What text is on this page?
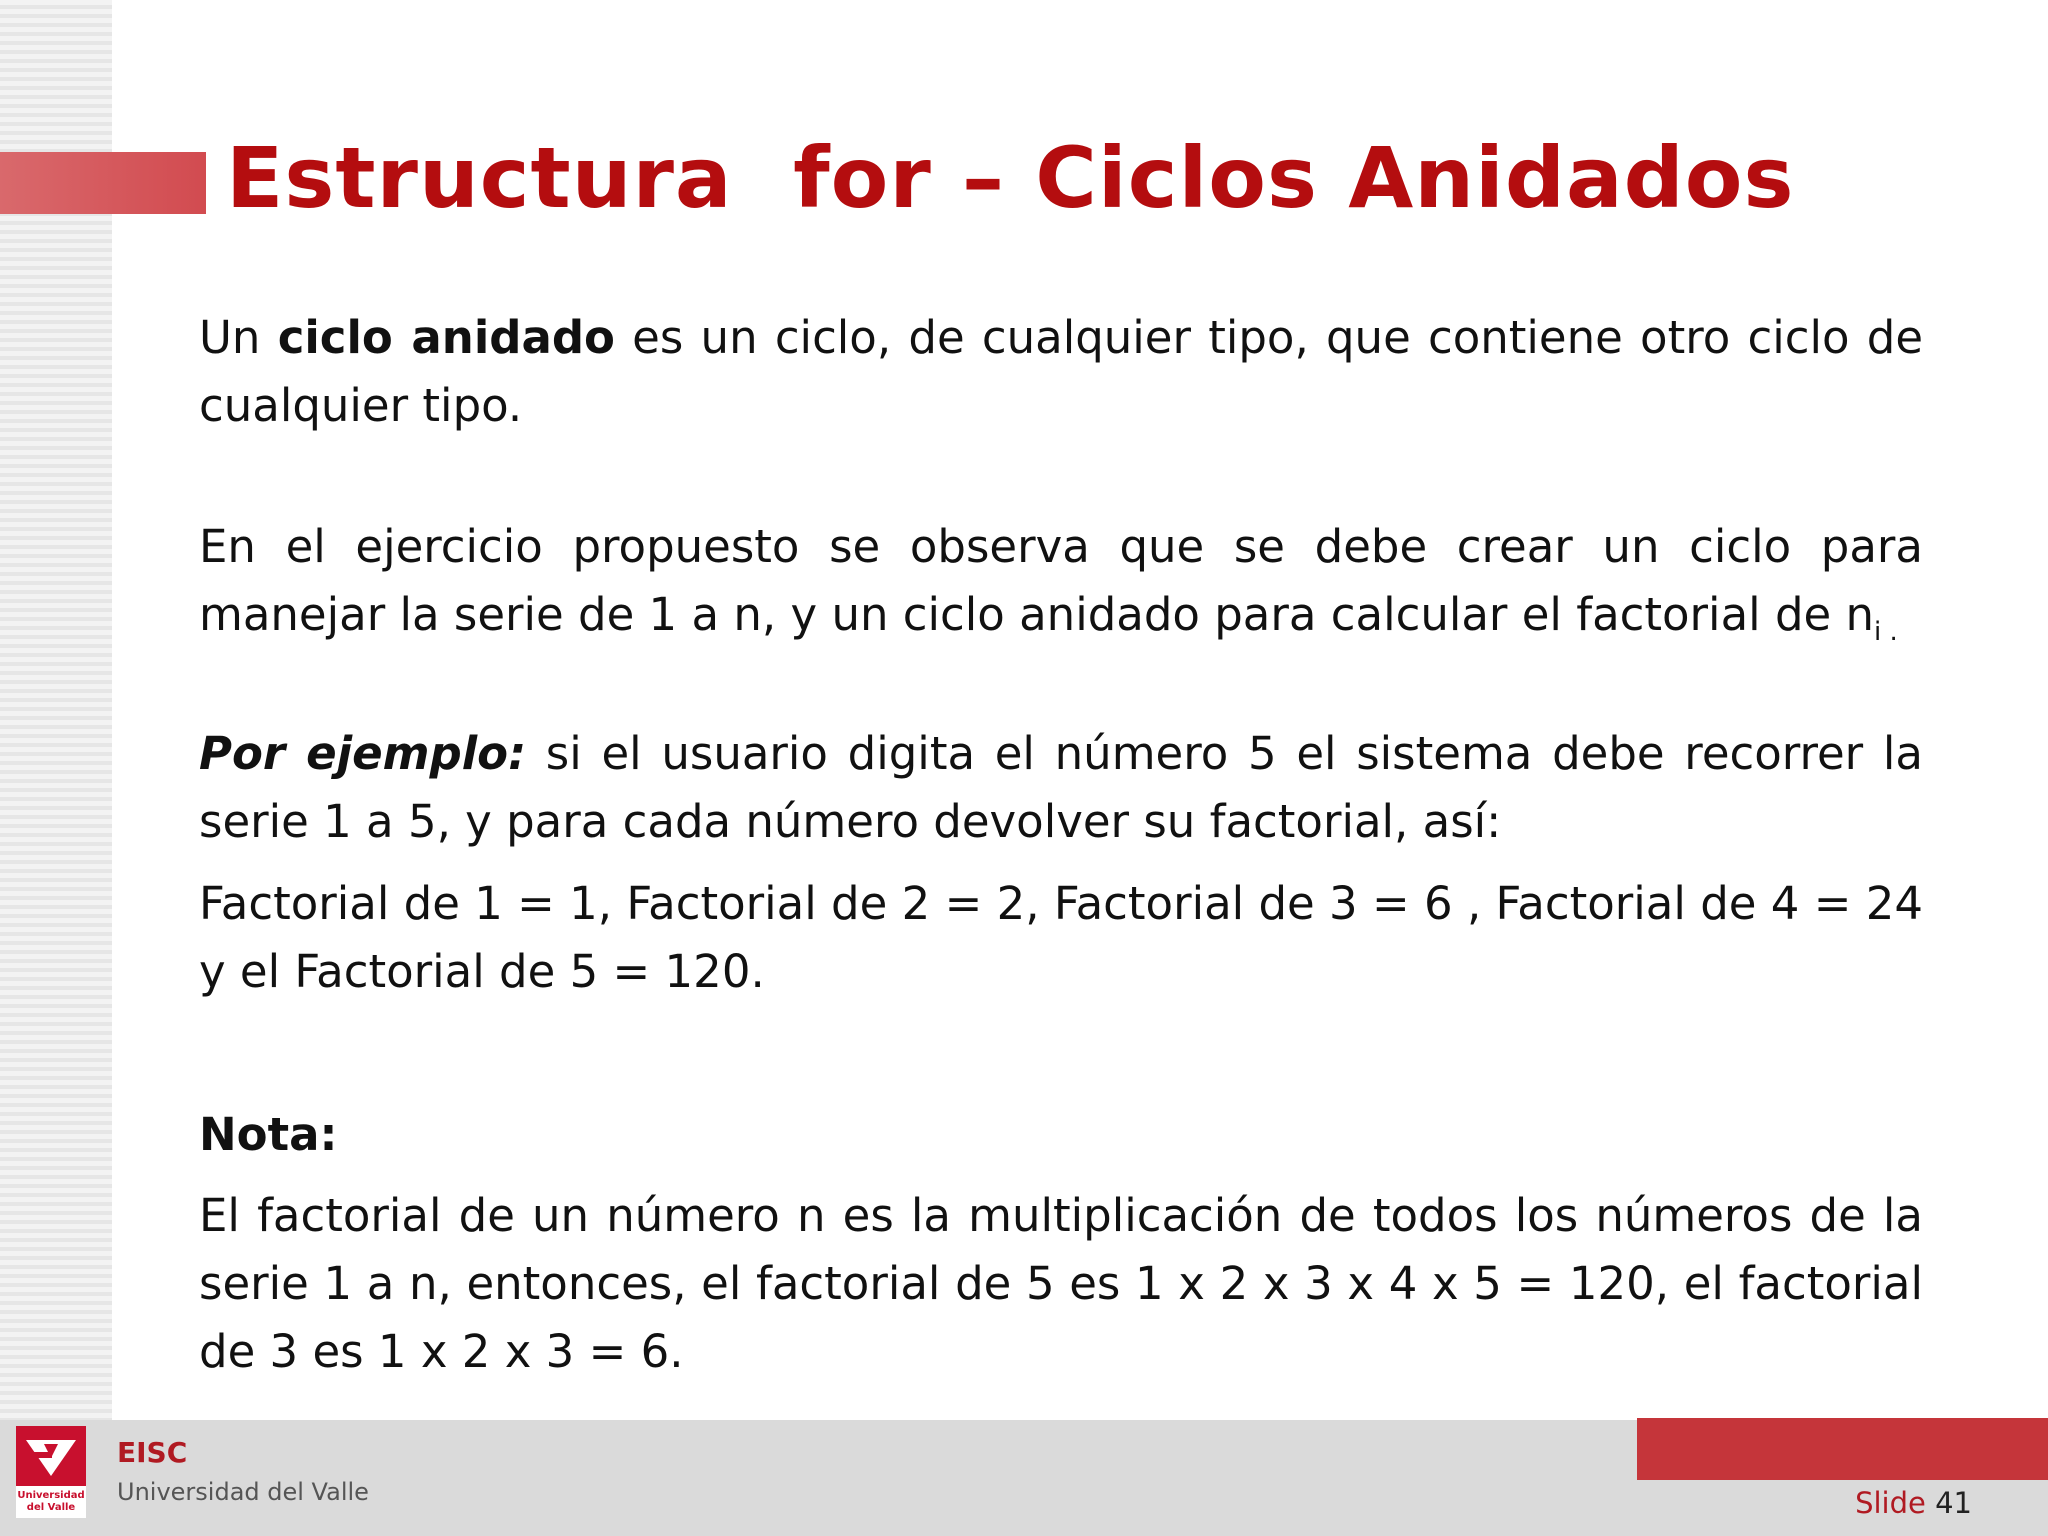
Estructura  for – Ciclos Anidados

Un ciclo anidado es un ciclo, de cualquier tipo, que contiene otro ciclo de cualquier tipo.

En el ejercicio propuesto se observa que se debe crear un ciclo para manejar la serie de 1 a n, y un ciclo anidado para calcular el factorial de $n_{i .}$

Por ejemplo: si el usuario digita el número 5 el sistema debe recorrer la serie 1 a 5, y para cada número devolver su factorial, así:

Factorial de 1 = 1, Factorial de 2 = 2, Factorial de 3 = 6 , Factorial de 4 = 24 y el Factorial de 5 = 120.

Nota:

El factorial de un número n es la multiplicación de todos los números de la serie 1 a n, entonces, el factorial de 5 es 1 x 2 x 3 x 4 x 5 = 120, el factorial de 3 es 1 x 2 x 3 = 6.

Universidad
del Valle
EISC
Universidad del Valle	Slide 41
